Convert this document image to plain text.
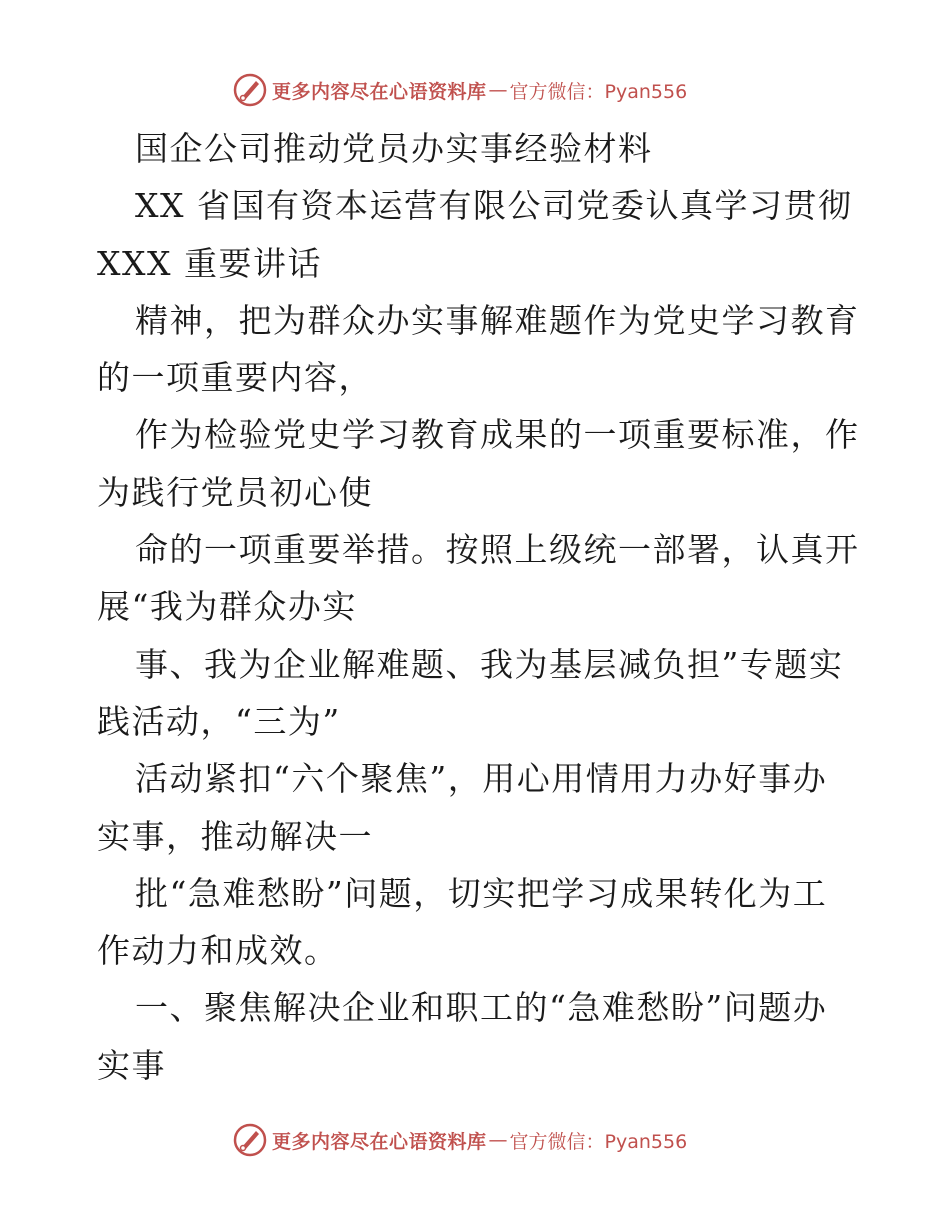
更多内容尽在心语资料库 — 官方微信：Pyan556
国企公司推动党员办实事经验材料
XX 省国有资本运营有限公司党委认真学习贯彻
XXX 重要讲话
精神，把为群众办实事解难题作为党史学习教育
的一项重要内容，
作为检验党史学习教育成果的一项重要标准，作
为践行党员初心使
命的一项重要举措。按照上级统一部署，认真开
展“我为群众办实
事、我为企业解难题、我为基层减负担”专题实
践活动，“三为”
活动紧扣“六个聚焦”，用心用情用力办好事办
实事，推动解决一
批“急难愁盼”问题，切实把学习成果转化为工
作动力和成效。
一、聚焦解决企业和职工的“急难愁盼”问题办
实事
更多内容尽在心语资料库 — 官方微信：Pyan556
